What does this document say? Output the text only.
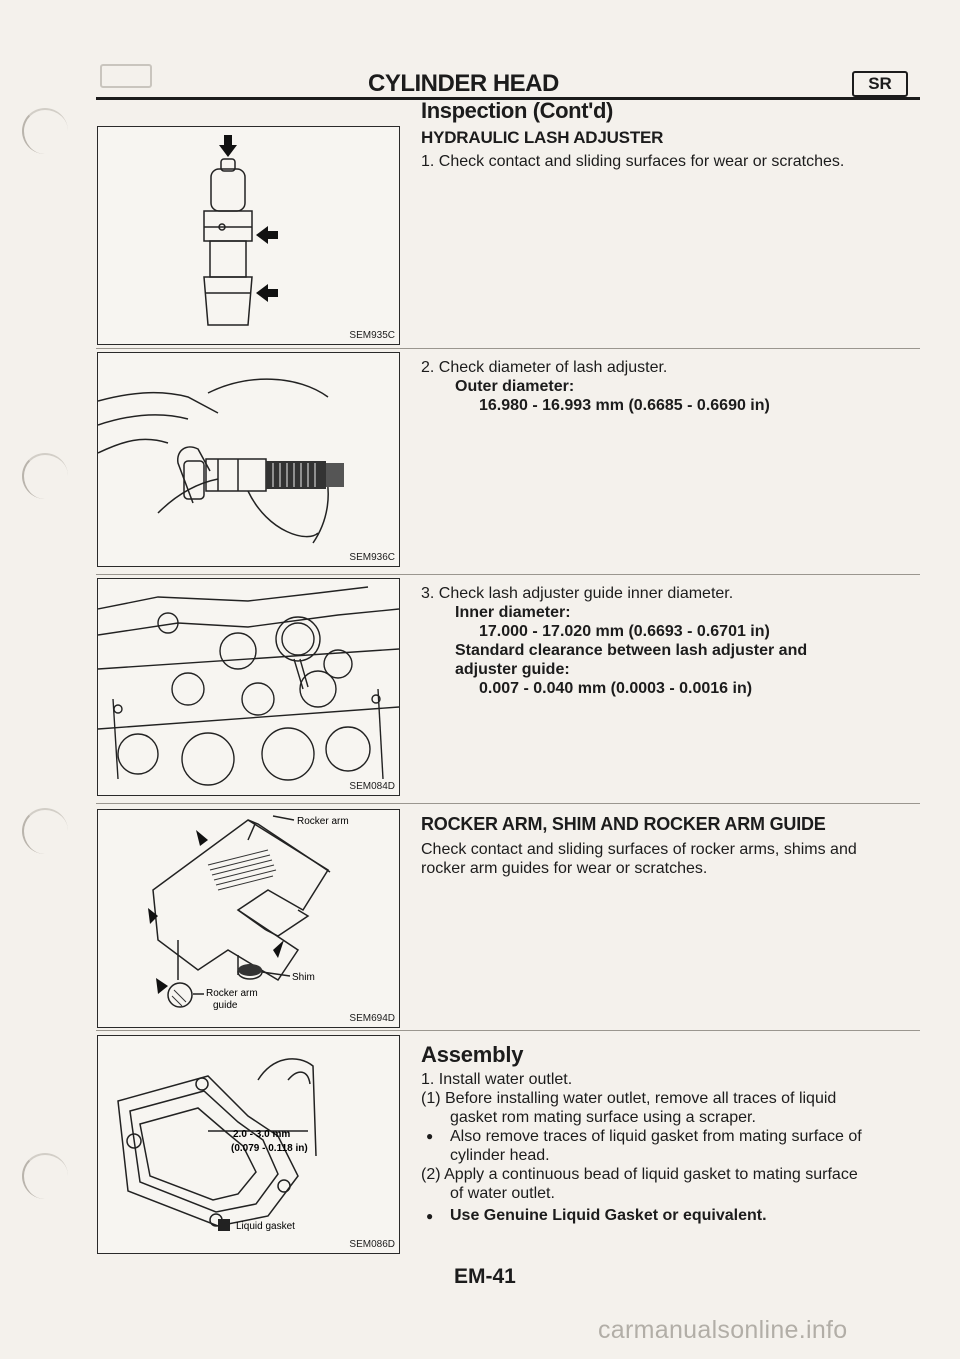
CYLINDER HEAD	SR
Inspection (Cont'd)
HYDRAULIC LASH ADJUSTER
1. Check contact and sliding surfaces for wear or scratches.
2. Check diameter of lash adjuster.
Outer diameter:
16.980 - 16.993 mm (0.6685 - 0.6690 in)
3. Check lash adjuster guide inner diameter.
Inner diameter:
17.000 - 17.020 mm (0.6693 - 0.6701 in)
Standard clearance between lash adjuster and
adjuster guide:
0.007 - 0.040 mm (0.0003 - 0.0016 in)
ROCKER ARM, SHIM AND ROCKER ARM GUIDE
Check contact and sliding surfaces of rocker arms, shims and
rocker arm guides for wear or scratches.
Assembly
1. Install water outlet.
(1) Before installing water outlet, remove all traces of liquid
gasket rom mating surface using a scraper.
● Also remove traces of liquid gasket from mating surface of
cylinder head.
(2) Apply a continuous bead of liquid gasket to mating surface
of water outlet.
● Use Genuine Liquid Gasket or equivalent.
SEM935C
SEM936C
SEM084D
Rocker arm
Shim
Rocker arm
guide
SEM694D
2.0 - 3.0 mm
(0.079 - 0.118 in)
Liquid gasket
SEM086D
EM-41
carmanualsonline.info
